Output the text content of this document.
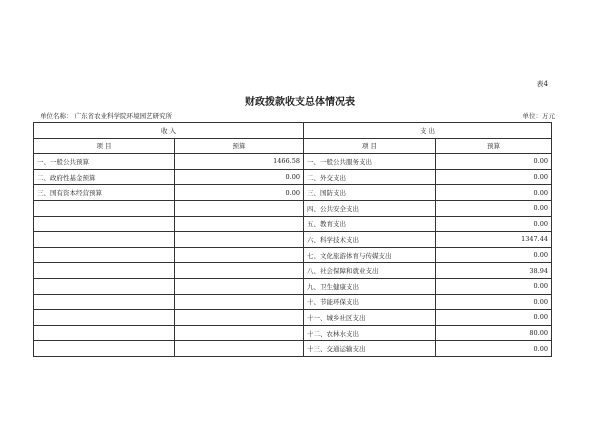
表4
财政拨款收支总体情况表
单位名称： 广东省农业科学院环境园艺研究所	单位：万元
收 入		支 出	
项 目	预算	项 目	预算
一、一般公共预算	1466.58	一、一般公共服务支出	0.00
二、政府性基金预算	0.00	二、外交支出	0.00
三、国有资本经营预算	0.00	三、国防支出	0.00
		四、公共安全支出	0.00
		五、教育支出	0.00
		六、科学技术支出	1347.44
		七、文化旅游体育与传媒支出	0.00
		八、社会保障和就业支出	38.94
		九、卫生健康支出	0.00
		十、节能环保支出	0.00
		十一、城乡社区支出	0.00
		十二、农林水支出	80.00
		十三、交通运输支出	0.00
